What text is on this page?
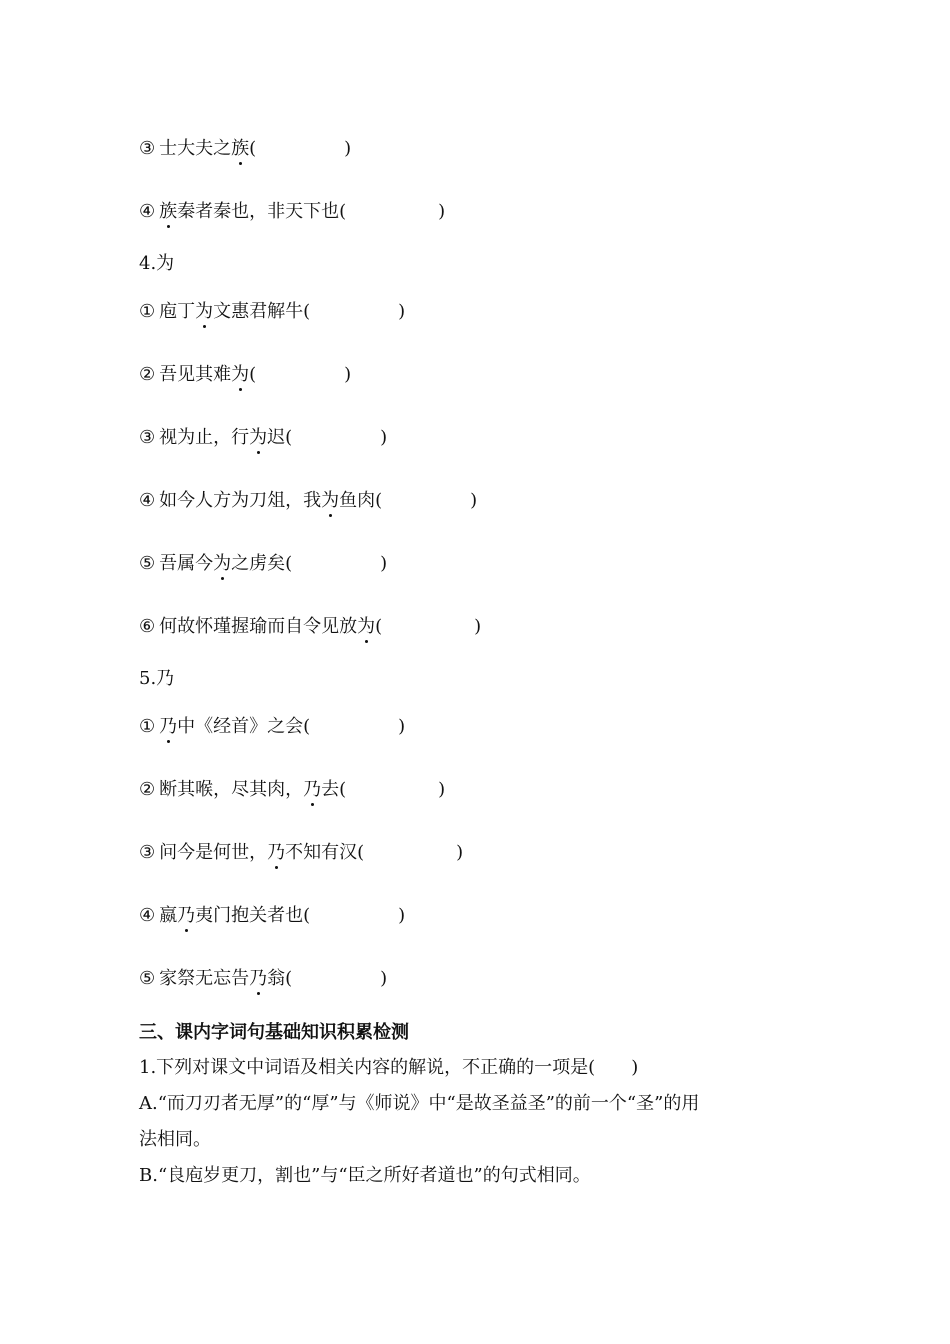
③ 士大夫之族(	)
④ 族秦者秦也，非天下也(	)
4.为
① 庖丁为文惠君解牛(	)
② 吾见其难为(	)
③ 视为止，行为迟(	)
④ 如今人方为刀俎，我为鱼肉(	)
⑤ 吾属今为之虏矣(	)
⑥ 何故怀瑾握瑜而自令见放为(	)
5.乃
① 乃中《经首》之会(	)
② 断其喉，尽其肉，乃去(	)
③ 问今是何世，乃不知有汉(	)
④ 嬴乃夷门抱关者也(	)
⑤ 家祭无忘告乃翁(	)
三、课内字词句基础知识积累检测
1.下列对课文中词语及相关内容的解说，不正确的一项是(　　)
A.“而刀刃者无厚”的“厚”与《师说》中“是故圣益圣”的前一个“圣”的用
法相同。
B.“良庖岁更刀，割也”与“臣之所好者道也”的句式相同。
